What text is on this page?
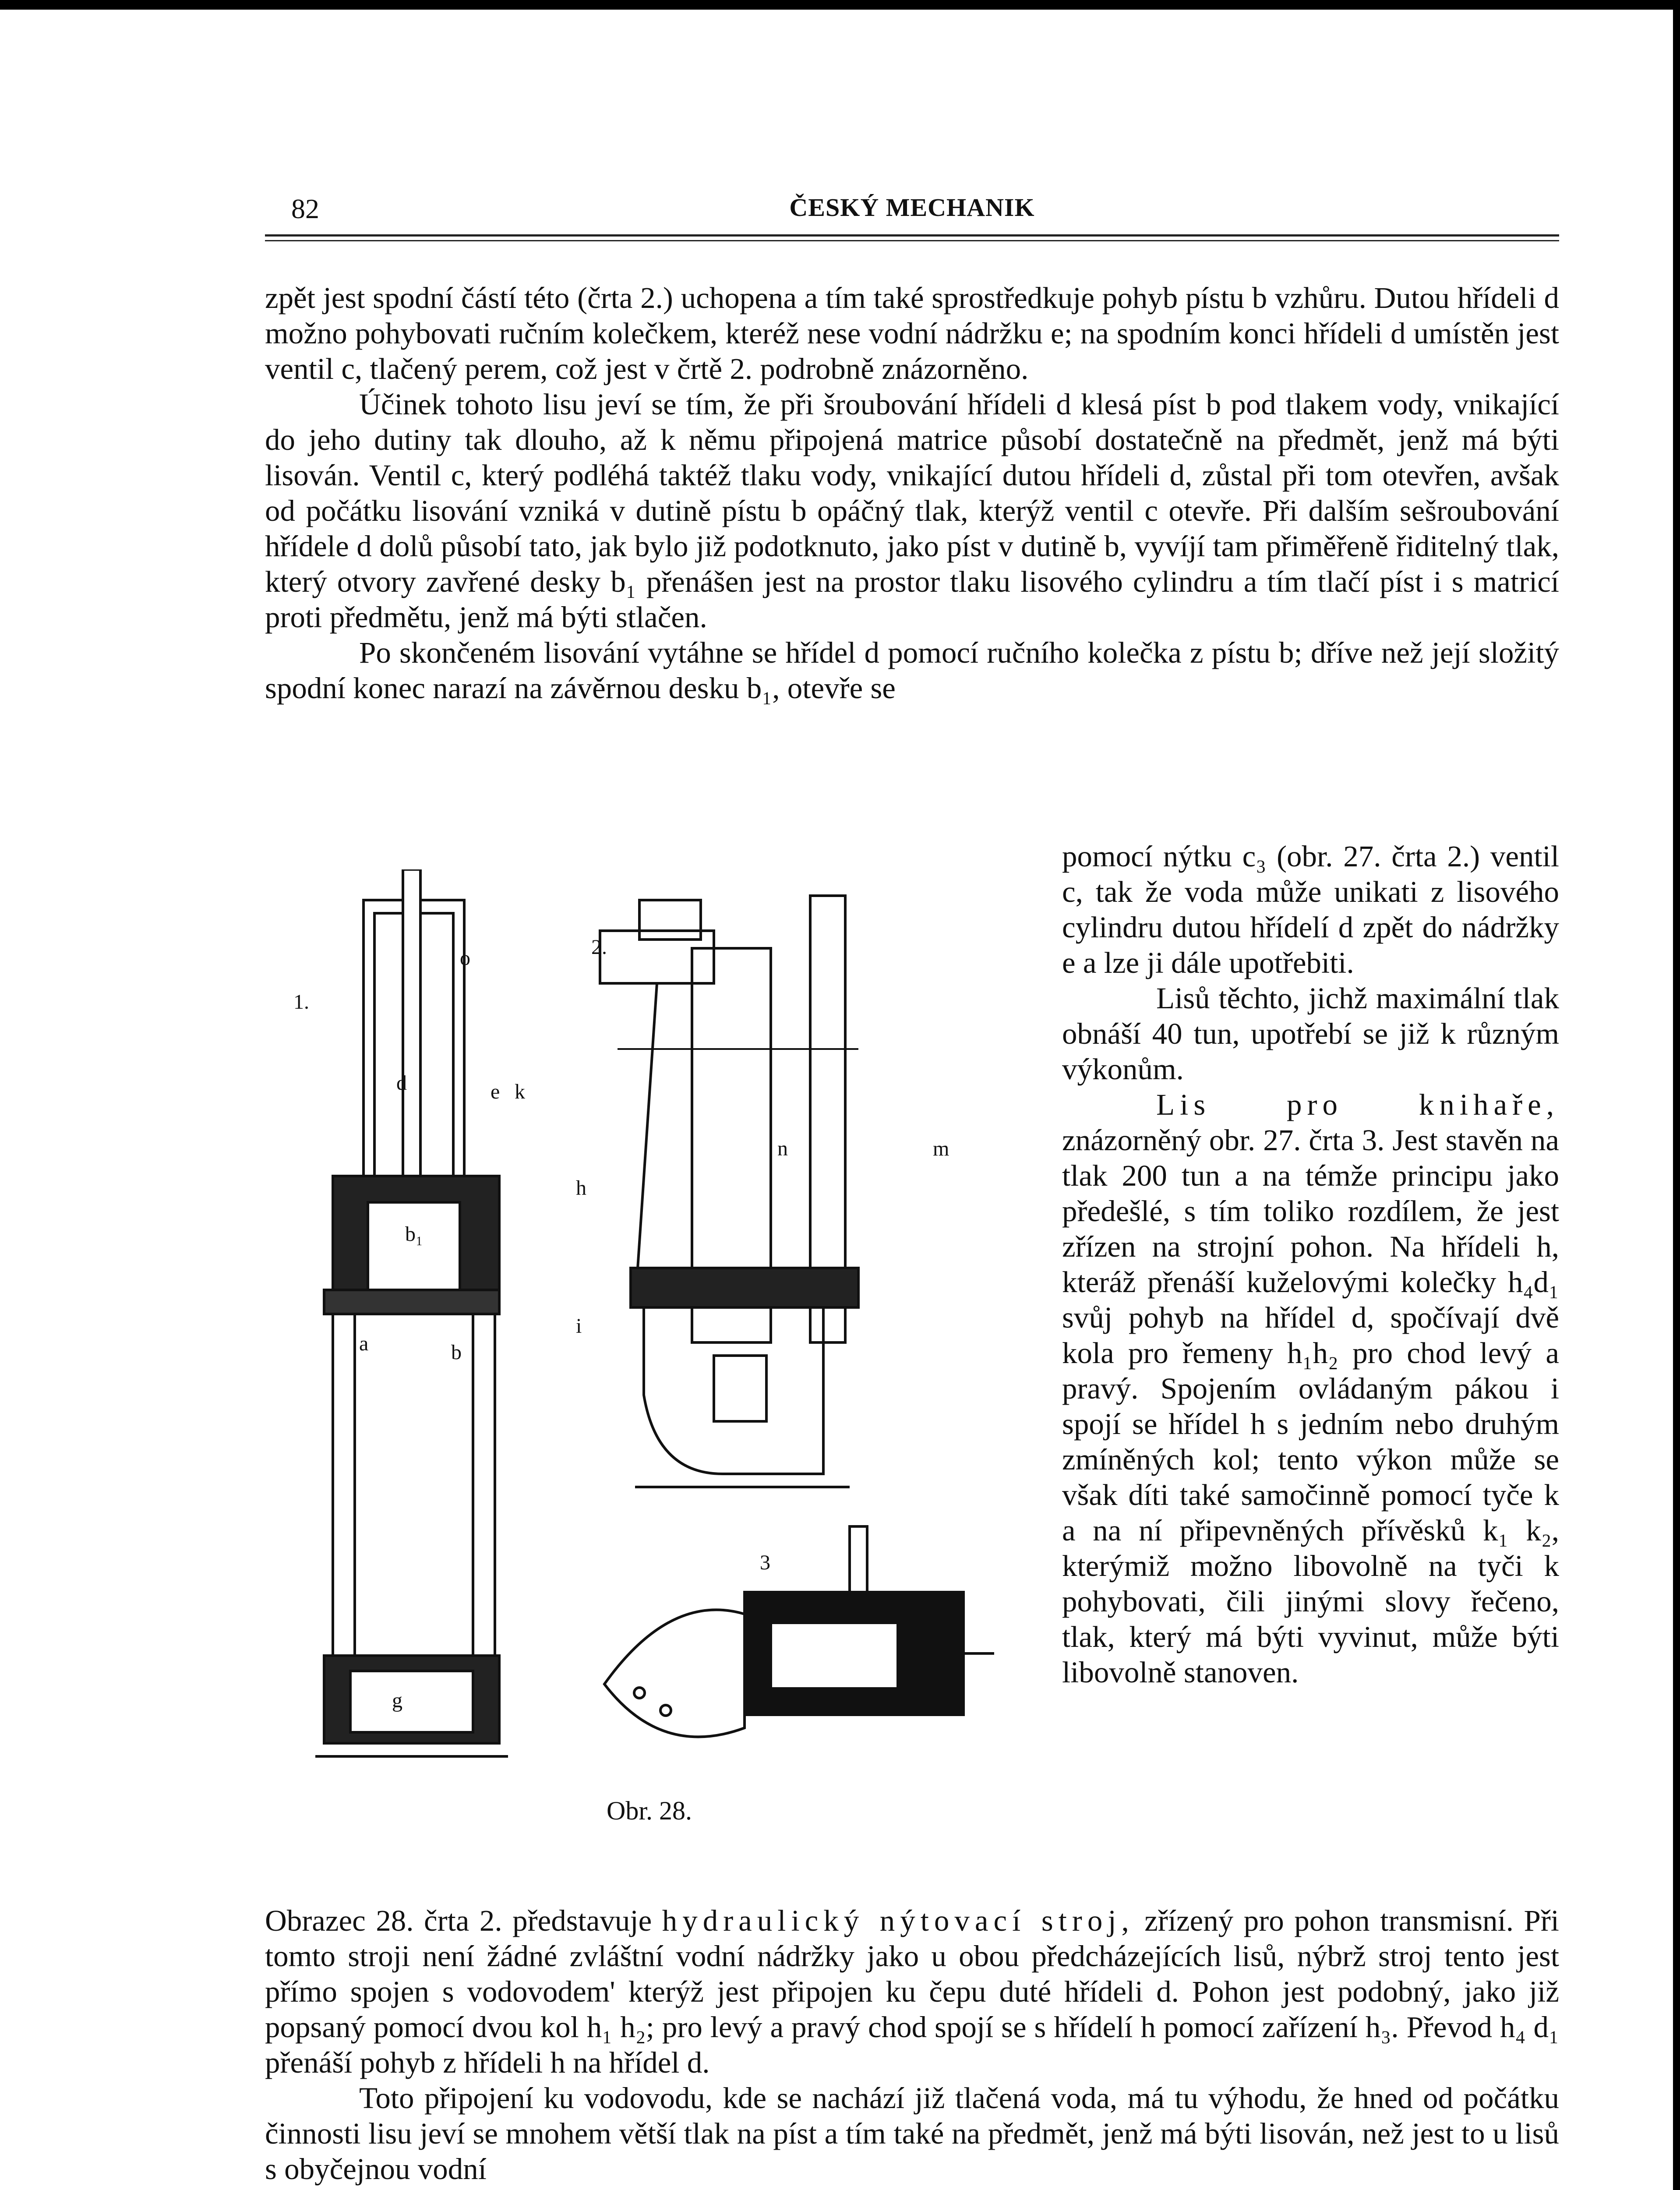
82	ČESKÝ MECHANIK

zpět jest spodní částí této (črta 2.) uchopena a tím také sprostředkuje pohyb pístu b vzhůru. Dutou hřídeli d možno pohybovati ručním kolečkem, kteréž nese vodní nádržku e; na spodním konci hřídeli d umístěn jest ventil c, tlačený perem, což jest v črtě 2. podrobně znázorněno.

Účinek tohoto lisu jeví se tím, že při šroubování hřídeli d klesá píst b pod tlakem vody, vnikající do jeho dutiny tak dlouho, až k němu připojená matrice působí dostatečně na předmět, jenž má býti lisován. Ventil c, který podléhá taktéž tlaku vody, vnikající dutou hřídeli d, zůstal při tom otevřen, avšak od počátku lisování vzniká v dutině pístu b opáčný tlak, kterýž ventil c otevře. Při dalším sešroubování hřídele d dolů působí tato, jak bylo již podotknuto, jako píst v dutině b, vyvíjí tam přiměřeně řiditelný tlak, který otvory zavřené desky b₁ přenášen jest na prostor tlaku lisového cylindru a tím tlačí píst i s matricí proti předmětu, jenž má býti stlačen.

Po skončeném lisování vytáhne se hřídel d pomocí ručního kolečka z pístu b; dříve než její složitý spodní konec narazí na závěrnou desku b₁, otevře se

1.
2.
3
d
o
e k
h
b₁
b
a
g
i
n	m
Obr. 28.

pomocí nýtku c₃ (obr. 27. črta 2.) ventil c, tak že voda může unikati z lisového cylindru dutou hřídelí d zpět do nádržky e a lze ji dále upotřebiti.

Lisů těchto, jichž maximální tlak obnáší 40 tun, upotřebí se již k různým výkonům.

Lis pro knihaře, znázorněný obr. 27. črta 3. Jest stavěn na tlak 200 tun a na témže principu jako předešlé, s tím toliko rozdílem, že jest zřízen na strojní pohon. Na hřídeli h, kteráž přenáší kuželovými kolečky h₄d₁ svůj pohyb na hřídel d, spočívají dvě kola pro řemeny h₁h₂ pro chod levý a pravý. Spojením ovládaným pákou i spojí se hřídel h s jedním nebo druhým zmíněných kol; tento výkon může se však díti také samočinně pomocí tyče k a na ní připevněných přívěsků k₁ k₂, kterýmiž možno libovolně na tyči k pohybovati, čili jinými slovy řečeno, tlak, který má býti vyvinut, může býti libovolně stanoven.

Obrazec 28. črta 2. představuje hydraulický nýtovací stroj, zřízený pro pohon transmisní. Při tomto stroji není žádné zvláštní vodní nádržky jako u obou předcházejících lisů, nýbrž stroj tento jest přímo spojen s vodovodem' kterýž jest připojen ku čepu duté hřídeli d. Pohon jest podobný, jako již popsaný pomocí dvou kol h₁ h₂; pro levý a pravý chod spojí se s hřídelí h pomocí zařízení h₃. Převod h₄ d₁ přenáší pohyb z hřídeli h na hřídel d.

Toto připojení ku vodovodu, kde se nachází již tlačená voda, má tu výhodu, že hned od počátku činnosti lisu jeví se mnohem větší tlak na píst a tím také na předmět, jenž má býti lisován, než jest to u lisů s obyčejnou vodní
